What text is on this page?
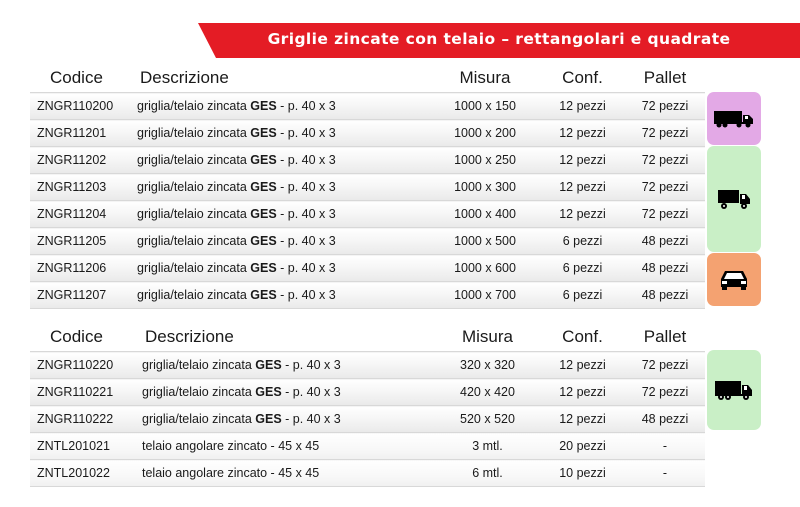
Griglie zincate con telaio – rettangolari e quadrate
Codice	Descrizione	Misura	Conf.	Pallet
ZNGR110200	griglia/telaio zincata GES - p. 40 x 3	1000 x 150	12 pezzi	72 pezzi
ZNGR11201	griglia/telaio zincata GES - p. 40 x 3	1000 x 200	12 pezzi	72 pezzi
ZNGR11202	griglia/telaio zincata GES - p. 40 x 3	1000 x 250	12 pezzi	72 pezzi
ZNGR11203	griglia/telaio zincata GES - p. 40 x 3	1000 x 300	12 pezzi	72 pezzi
ZNGR11204	griglia/telaio zincata GES - p. 40 x 3	1000 x 400	12 pezzi	72 pezzi
ZNGR11205	griglia/telaio zincata GES - p. 40 x 3	1000 x 500	6 pezzi	48 pezzi
ZNGR11206	griglia/telaio zincata GES - p. 40 x 3	1000 x 600	6 pezzi	48 pezzi
ZNGR11207	griglia/telaio zincata GES - p. 40 x 3	1000 x 700	6 pezzi	48 pezzi
Codice	Descrizione	Misura	Conf.	Pallet
ZNGR110220	griglia/telaio zincata GES - p. 40 x 3	320 x 320	12 pezzi	72 pezzi
ZNGR110221	griglia/telaio zincata GES - p. 40 x 3	420 x 420	12 pezzi	72 pezzi
ZNGR110222	griglia/telaio zincata GES - p. 40 x 3	520 x 520	12 pezzi	48 pezzi
ZNTL201021	telaio angolare zincato - 45 x 45	3 mtl.	20 pezzi	-
ZNTL201022	telaio angolare zincato - 45 x 45	6 mtl.	10 pezzi	-
